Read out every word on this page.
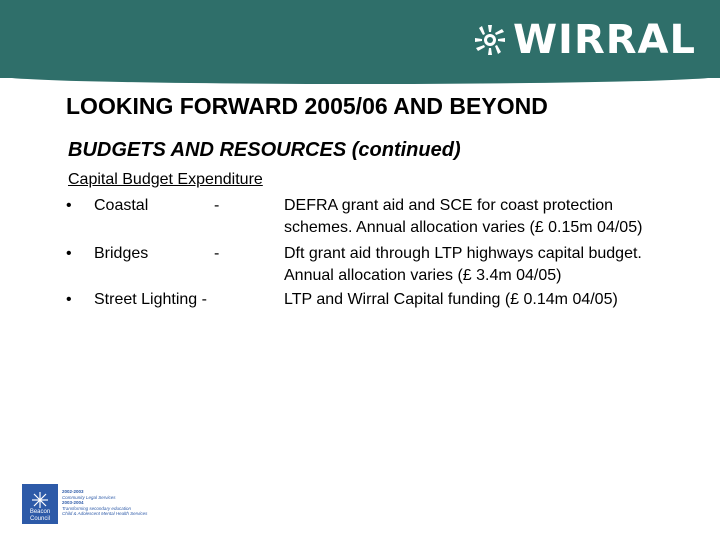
WIRRAL
LOOKING FORWARD 2005/06 AND BEYOND
BUDGETS AND RESOURCES (continued)
Capital Budget Expenditure
• Coastal	-	DEFRA grant aid and SCE for coast protection
schemes. Annual allocation varies (£ 0.15m 04/05)
• Bridges	-	Dft grant aid through LTP highways capital budget.
Annual allocation varies (£ 3.4m 04/05)
• Street Lighting -	LTP and Wirral Capital funding (£ 0.14m 04/05)
Beacon
Council
2002-2003
Community Legal Services
2003-2004
Transforming secondary education
Child & Adolescent Mental Health Services
